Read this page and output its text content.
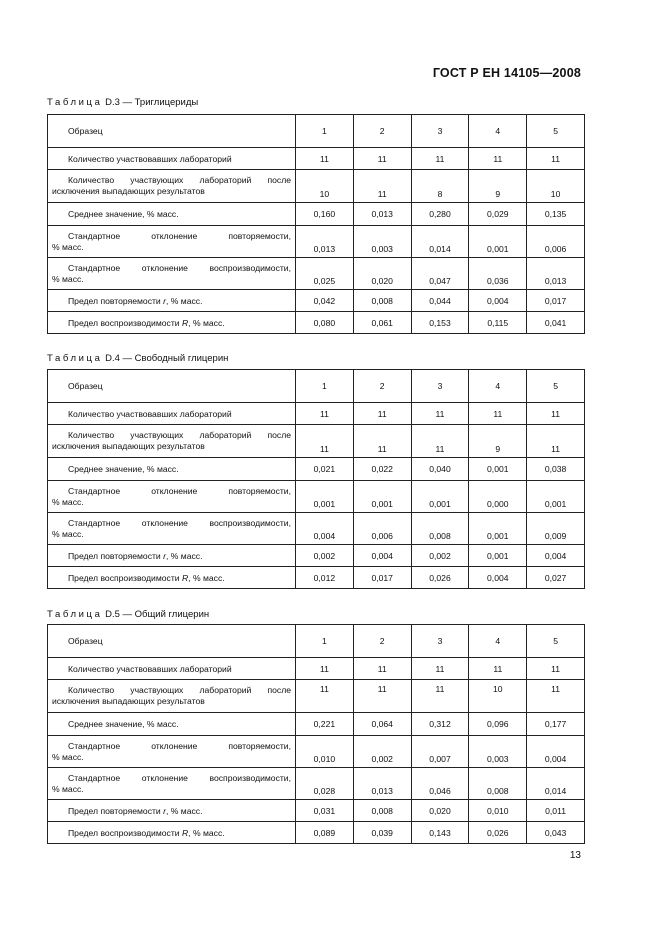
ГОСТ Р ЕН 14105—2008
Таблица D.3 — Триглицериды
Образец	1	2	3	4	5
Количество участвовавших лабораторий	11	11	11	11	11

Количество участвующих лабораторий после
исключения выпадающих результатов	10	11	8	9	10
Среднее значение, % масс.	0,160	0,013	0,280	0,029	0,135

Стандартное отклонение повторяемости,
% масс.	0,013	0,003	0,014	0,001	0,006

Стандартное отклонение воспроизводимости,
% масс.	0,025	0,020	0,047	0,036	0,013
Предел повторяемости r, % масс.	0,042	0,008	0,044	0,004	0,017
Предел воспроизводимости R, % масс.	0,080	0,061	0,153	0,115	0,041
Таблица D.4 — Свободный глицерин
Образец	1	2	3	4	5
Количество участвовавших лабораторий	11	11	11	11	11

Количество участвующих лабораторий после
исключения выпадающих результатов	11	11	11	9	11
Среднее значение, % масс.	0,021	0,022	0,040	0,001	0,038

Стандартное отклонение повторяемости,
% масс.	0,001	0,001	0,001	0,000	0,001

Стандартное отклонение воспроизводимости,
% масс.	0,004	0,006	0,008	0,001	0,009
Предел повторяемости r, % масс.	0,002	0,004	0,002	0,001	0,004
Предел воспроизводимости R, % масс.	0,012	0,017	0,026	0,004	0,027
Таблица D.5 — Общий глицерин
Образец	1	2	3	4	5
Количество участвовавших лабораторий	11	11	11	11	11

Количество участвующих лабораторий после
исключения выпадающих результатов	11	11	11	10	11
Среднее значение, % масс.	0,221	0,064	0,312	0,096	0,177

Стандартное отклонение повторяемости,
% масс.	0,010	0,002	0,007	0,003	0,004

Стандартное отклонение воспроизводимости,
% масс.	0,028	0,013	0,046	0,008	0,014
Предел повторяемости r, % масс.	0,031	0,008	0,020	0,010	0,011
Предел воспроизводимости R, % масс.	0,089	0,039	0,143	0,026	0,043
13
